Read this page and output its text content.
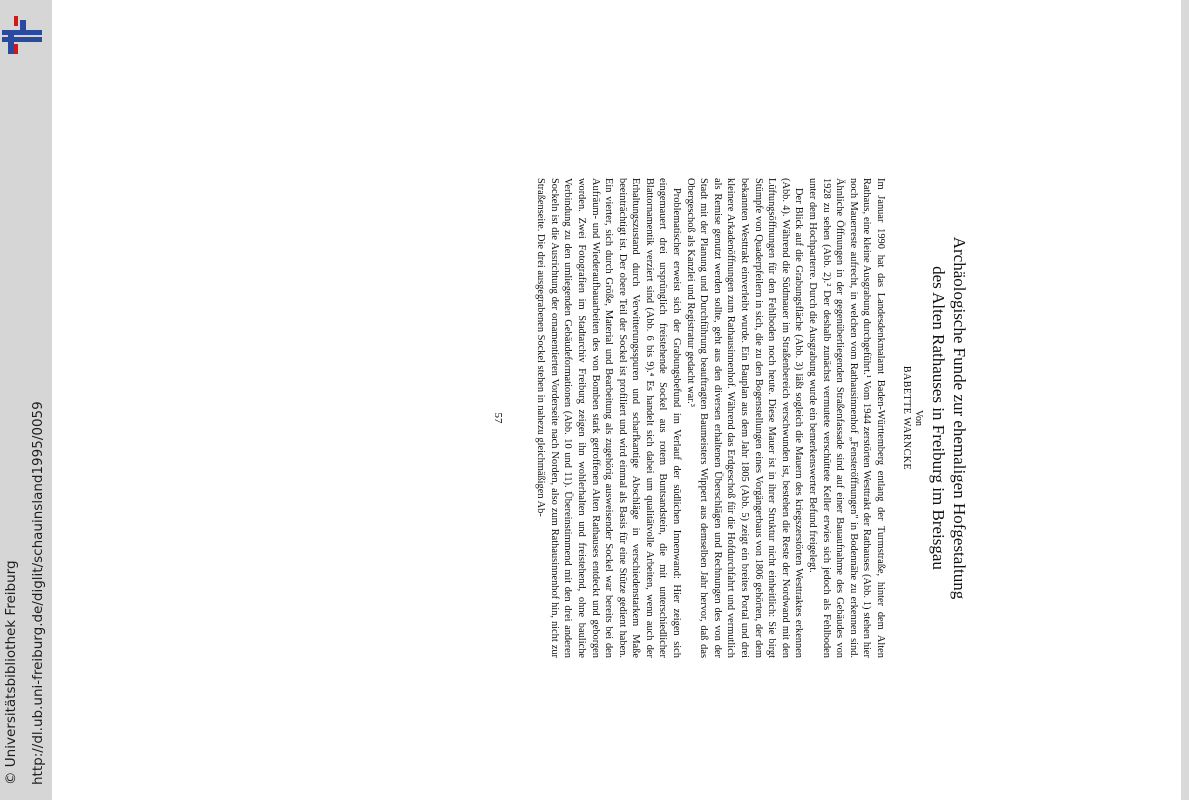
http://dl.ub.uni-freiburg.de/diglit/schauinsland1995/0059
© Universitätsbibliothek Freiburg
Archäologische Funde zur ehemaligen Hofgestaltung
des Alten Rathauses in Freiburg im Breisgau
Von
BABETTE WARNCKE

Im Januar 1990 hat das Landesdenkmalamt Baden-Württemberg entlang der Turmstraße, hinter dem Alten Rathaus, eine kleine Ausgrabung durchgeführt.¹ Vom 1944 zerstörten Westtrakt der Rathauses (Abb. 1) stehen hier noch Mauerreste aufrecht, in welchen vom Rathausinnenhof „Fensteröffnungen" in Bodennähe zu erkennen sind. Ähnliche Öffnungen in der gegenüberliegenden Straßenfassade sind auf einer Bauaufnahme des Gebäudes von 1928 zu sehen (Abb. 2).² Der deshalb zunächst vermutete verschüttete Keller erwies sich jedoch als Fehlboden unter dem Hochparterre. Durch die Ausgrabung wurde ein bemerkenswerter Befund freigelegt.

Der Blick auf die Grabungsfläche (Abb. 3) läßt sogleich die Mauern des kriegszerstörten Westtraktes erkennen (Abb. 4). Während die Südmauer im Straßenbereich verschwunden ist, bestehen die Reste der Nordwand mit den Lüftungsöffnungen für den Fehlboden noch heute. Diese Mauer ist in ihrer Struktur nicht einheitlich: Sie birgt Stümpfe von Quaderpfeilern in sich, die zu den Bogenstellungen eines Vorgängerbaus von 1806 gehörten, der dem bekannten Westtrakt einverleibt wurde. Ein Bauplan aus dem Jahr 1805 (Abb. 5) zeigt ein breites Portal und drei kleinere Arkadenöffnungen zum Rathausinnenhof. Während das Erdgeschoß für die Hofdurchfahrt und vermutlich als Remise genutzt werden sollte, geht aus den diversen erhaltenen Überschlägen und Rechnungen des von der Stadt mit der Planung und Durchführung beauftragten Baumeisters Wippert aus demselben Jahr hervor, daß das Obergeschoß als Kanzlei und Registratur gedacht war.³

Problematischer erweist sich der Grabungsbefund im Verlauf der südlichen Innenwand: Hier zeigen sich eingemauert drei ursprünglich freistehende Sockel aus rotem Buntsandstein, die mit unterschiedlicher Blattornamentik verziert sind (Abb. 6 bis 9).⁴ Es handelt sich dabei um qualitätvolle Arbeiten, wenn auch der Erhaltungszustand durch Verwitterungsspuren und scharfkantige Abschläge in verschiedenstarkem Maße beeinträchtigt ist. Der obere Teil der Sockel ist profiliert und wird einmal als Basis für eine Stütze gedient haben. Ein vierter, sich durch Größe, Material und Bearbeitung als zugehörig ausweisender Sockel war bereits bei den Aufräum- und Wiederaufbauarbeiten des von Bomben stark getroffenen Alten Rathauses entdeckt und geborgen worden. Zwei Fotografien im Stadtarchiv Freiburg zeigen ihn wohlerhalten und freistehend, ohne bauliche Verbindung zu den umliegenden Gebäudeformationen (Abb. 10 und 11). Übereinstimmend mit den drei anderen Sockeln ist die Ausrichtung der ornamentierten Vorderseite nach Norden, also zum Rathausinnenhof hin, nicht zur Straßenseite. Die drei ausgegrabenen Sockel stehen in nahezu gleichmäßigen Ab-

57
